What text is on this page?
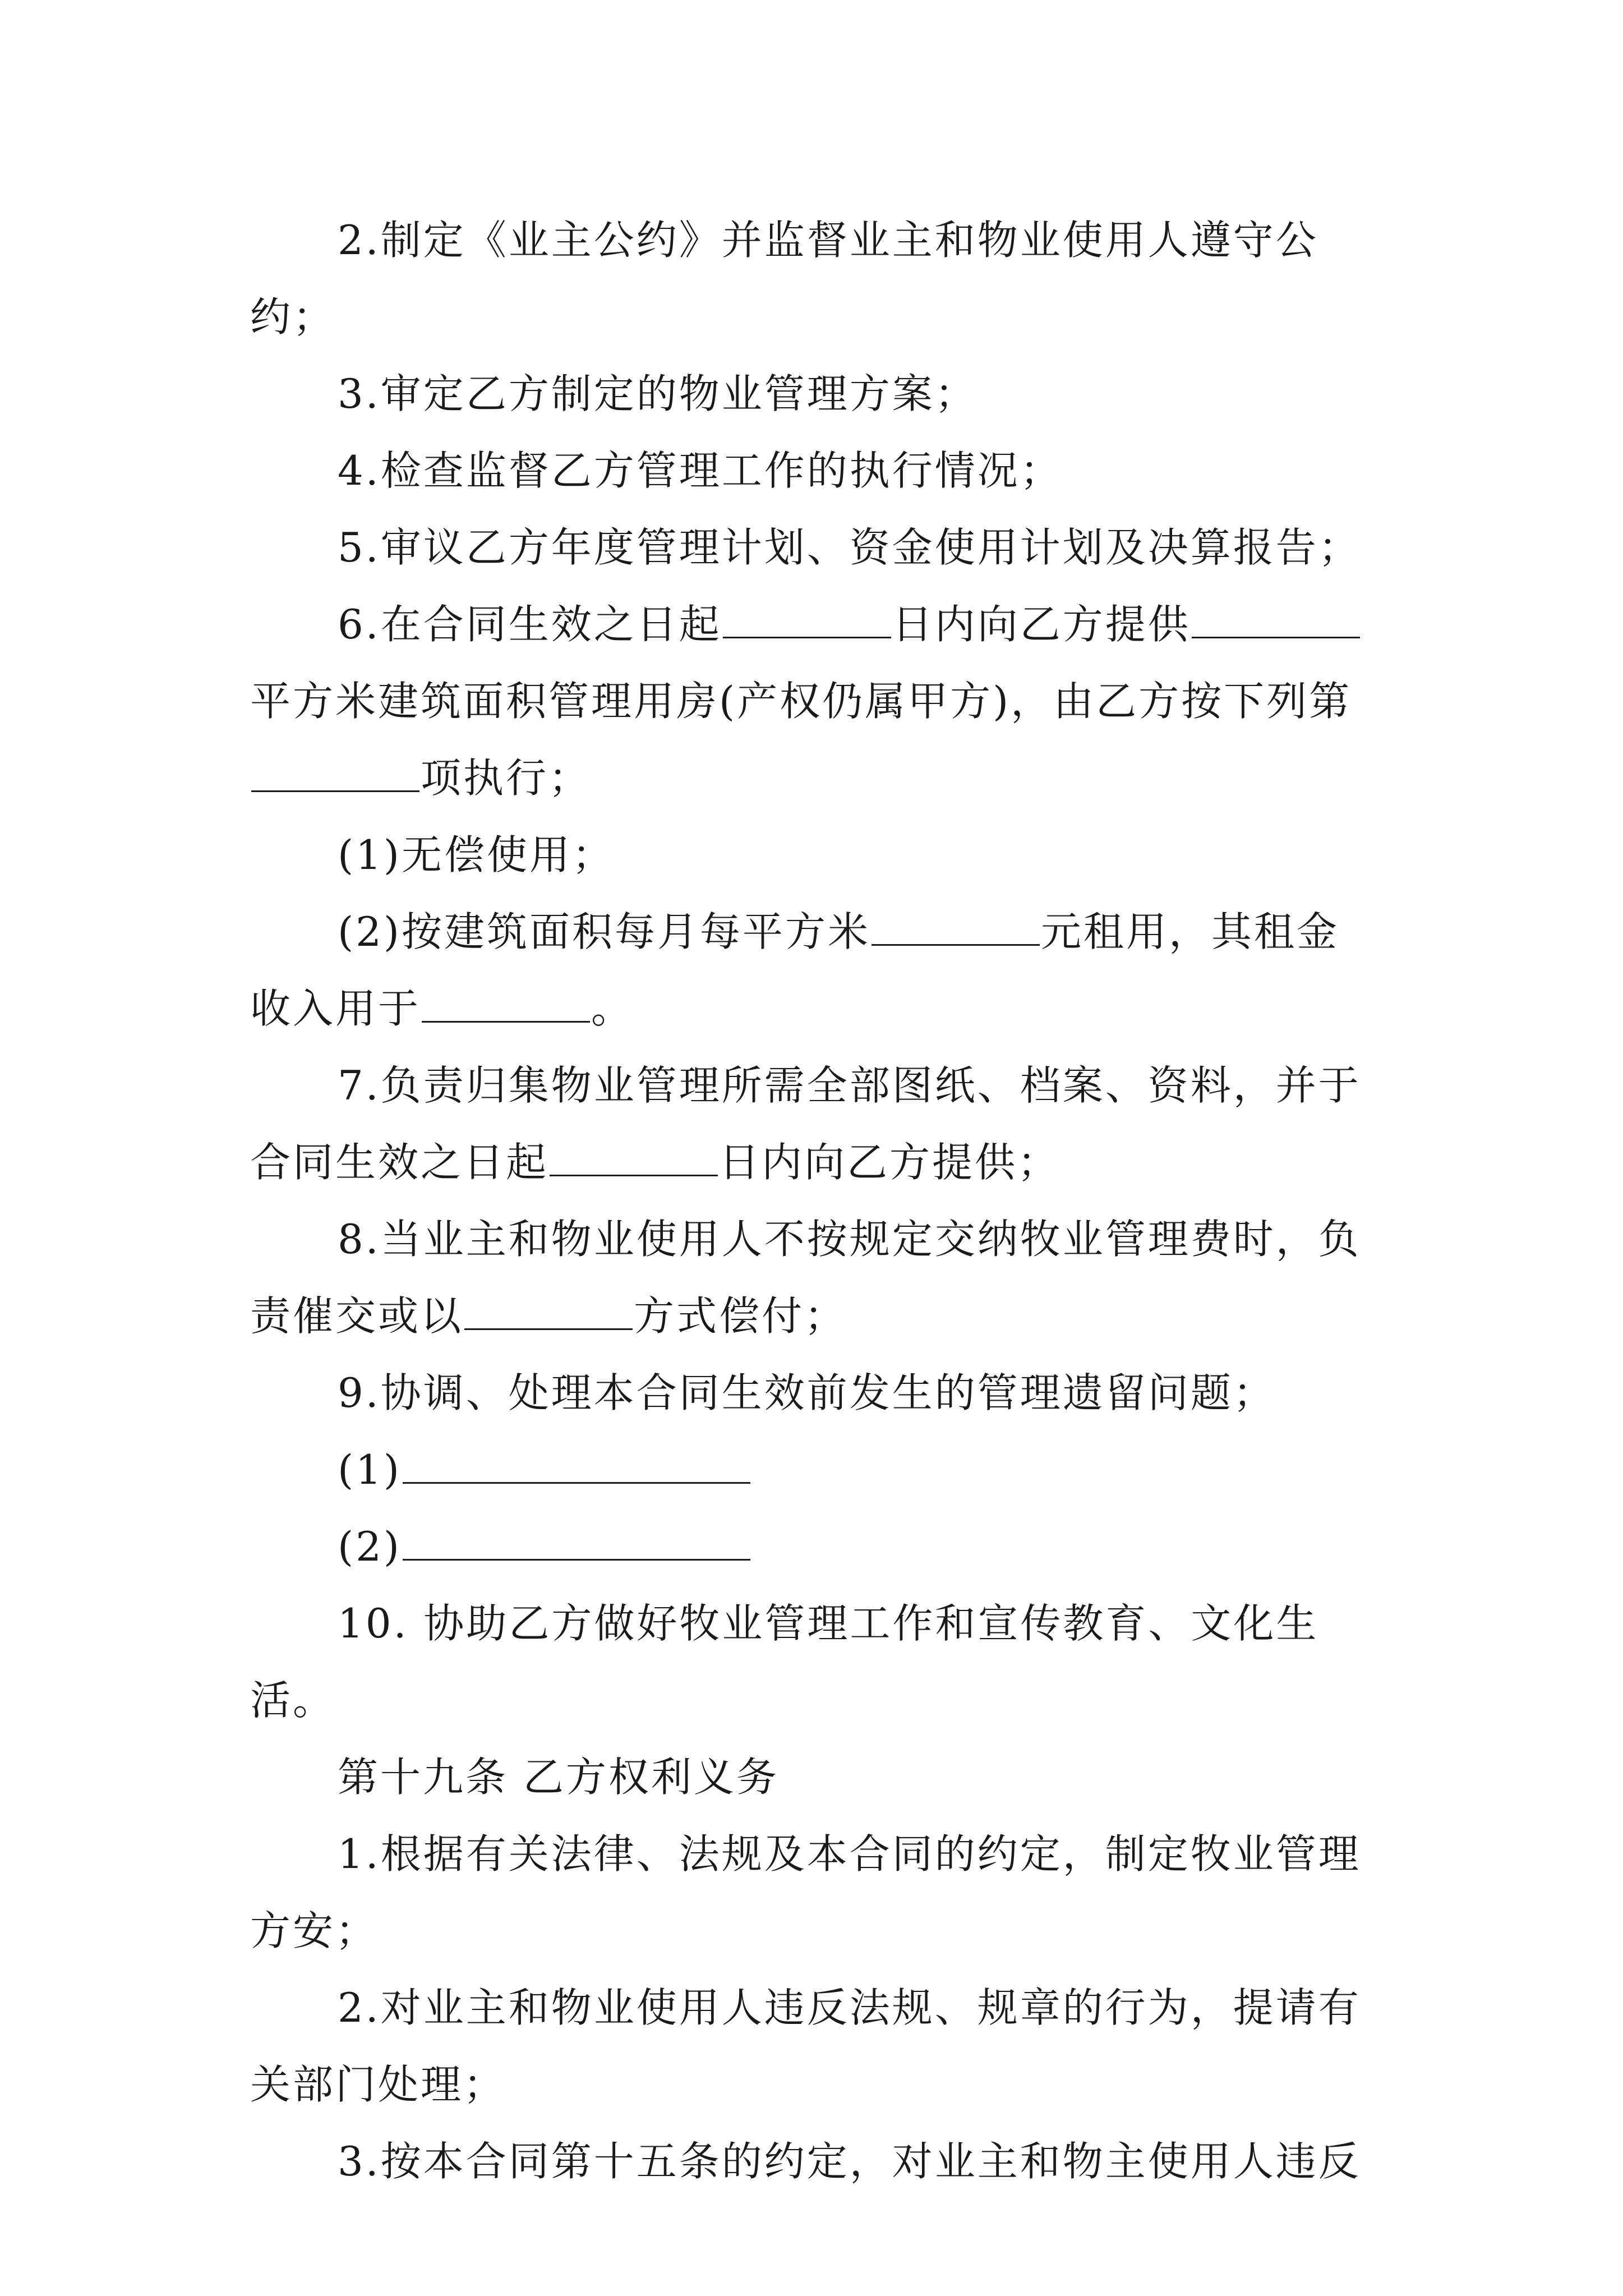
2.制定《业主公约》并监督业主和物业使用人遵守公约；

3.审定乙方制定的物业管理方案；

4.检查监督乙方管理工作的执行情况；

5.审议乙方年度管理计划、资金使用计划及决算报告；

6.在合同生效之日起	日内向乙方提供平方米建筑面积管理用房(产权仍属甲方)，由乙方按下列第项执行；

(1)无偿使用；

(2)按建筑面积每月每平方米	元租用，其租金收入用于	。

7.负责归集物业管理所需全部图纸、档案、资料，并于合同生效之日起	日内向乙方提供；

8.当业主和物业使用人不按规定交纳牧业管理费时，负责催交或以	方式偿付；

9.协调、处理本合同生效前发生的管理遗留问题；

(1)

(2)

10. 协助乙方做好牧业管理工作和宣传教育、文化生活。

第十九条 乙方权利义务

1.根据有关法律、法规及本合同的约定，制定牧业管理方安；

2.对业主和物业使用人违反法规、规章的行为，提请有关部门处理；

3.按本合同第十五条的约定，对业主和物主使用人违反
